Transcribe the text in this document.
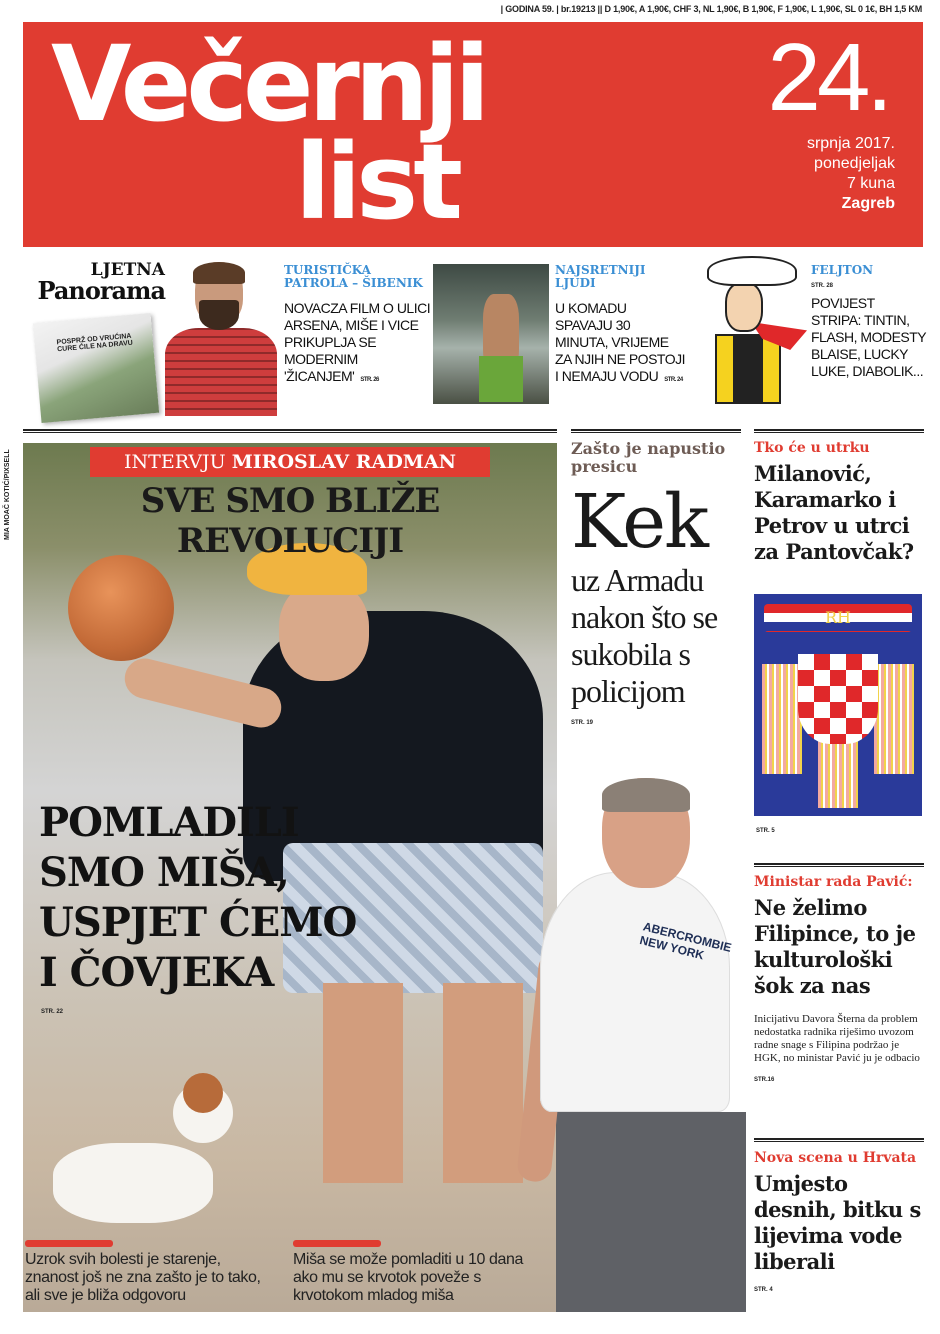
| GODINA 59. | br.19213 || D 1,90€, A 1,90€, CHF 3, NL 1,90€, B 1,90€, F 1,90€, L 1,90€, SL 0 1€, BH 1,5 KM
Večernji
list
24.
srpnja 2017.
ponedjeljak
7 kuna
Zagreb
LJETNA
Panorama
POSPRŽ OD VRUĆINA CURE ĆILE NA DRAVU
TURISTIČKA PATROLA – ŠIBENIK
NOVACZA FILM O ULICI ARSENA, MIŠE I VICE PRIKUPLJA SE MODERNIM 'ŽICANJEM' STR. 26
NAJSRETNIJI LJUDI
U KOMADU SPAVAJU 30 MINUTA, VRIJEME ZA NJIH NE POSTOJI I NEMAJU VODU STR. 24
FELJTON
STR. 28
POVIJEST STRIPA: TINTIN, FLASH, MODESTY BLAISE, LUCKY LUKE, DIABOLIK...
MIA MOAČ KOTIĆ/PIXSELL	INTERVJU MIROSLAV RADMAN
SVE SMO BLIŽE REVOLUCIJI
POMLADILI
SMO MIŠA,
USPJET ĆEMO
I ČOVJEKA
STR. 22
Uzrok svih bolesti je starenje, znanost još ne zna zašto je to tako, ali sve je bliža odgovoru
Miša se može pomladiti u 10 dana ako mu se krvotok poveže s krvotokom mladog miša
Zašto je napustio presicu
Kek
uz Armadu nakon što se sukobila s policijom
STR. 19
ABERCROMBIE NEW YORK
Tko će u utrku
Milanović, Karamarko i Petrov u utrci za Pantovčak?
RH
STR. 5
Ministar rada Pavić:
Ne želimo Filipince, to je kulturološki šok za nas
Inicijativu Davora Šterna da problem nedostatka radnika riješimo uvozom radne snage s Filipina podržao je HGK, no ministar Pavić ju je odbacio
STR.16
Nova scena u Hrvata
Umjesto desnih, bitku s lijevima vode liberali
STR. 4
